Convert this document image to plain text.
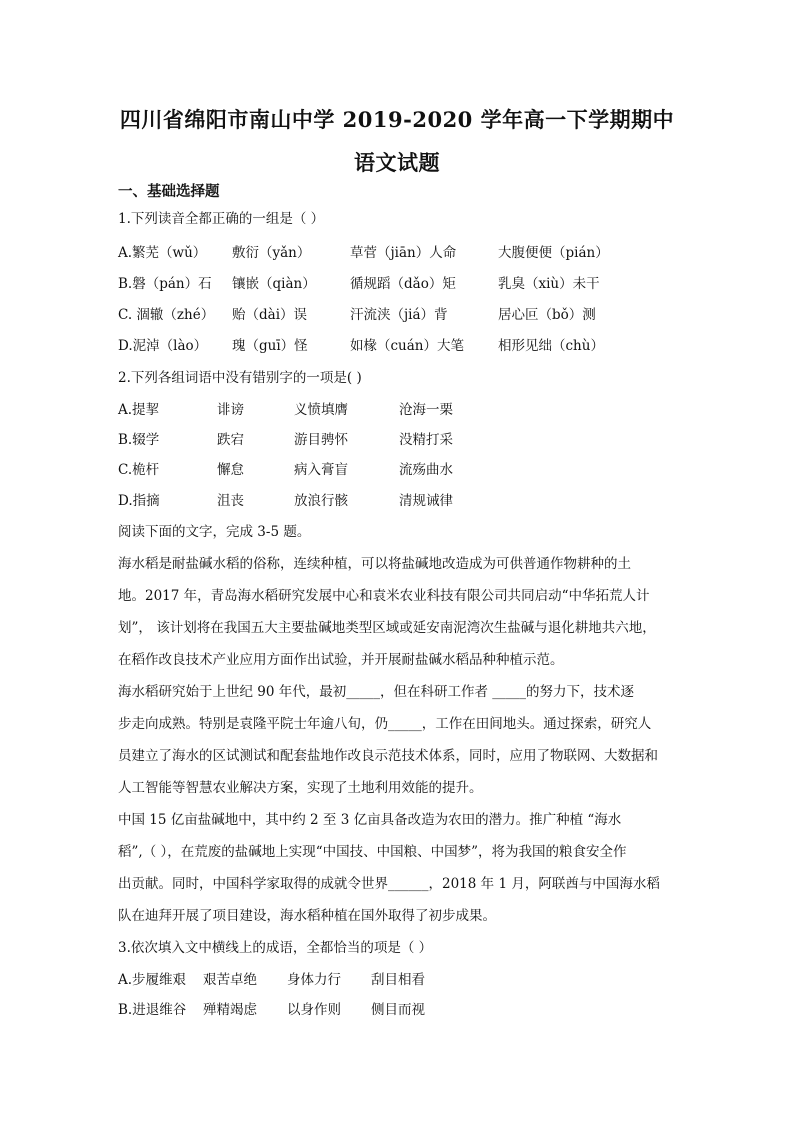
四川省绵阳市南山中学 2019-2020 学年高一下学期期中
语文试题
一、基础选择题
1.下列读音全都正确的一组是（ ）
A.繁芜（wǔ） 敷衍（yǎn）	草菅（jiān）人命	大腹便便（pián）
B.磐（pán）石 镶嵌（qiàn）	循规蹈（dǎo）矩	乳臭（xiù）未干
C. 涸辙（zhé） 贻（dài）误	汗流浃（jiá）背	居心叵（bǒ）测
D.泥淖（lào） 瑰（guī）怪	如椽（cuán）大笔	相形见绌（chù）
2.下列各组词语中没有错别字的一项是( )
A.提挈	诽谤	义愤填膺	沧海一栗
B.辍学	跌宕	游目骋怀	没精打采
C.桅杆	懈怠	病入膏盲	流殇曲水
D.指摘	沮丧	放浪行骸	清规诫律
阅读下面的文字，完成 3-5 题。
海水稻是耐盐碱水稻的俗称，连续种植，可以将盐碱地改造成为可供普通作物耕种的土
地。2017 年，青岛海水稻研究发展中心和袁米农业科技有限公司共同启动“中华拓荒人计
划”， 该计划将在我国五大主要盐碱地类型区域或延安南泥湾次生盐碱与退化耕地共六地，
在稻作改良技术产业应用方面作出试验，并开展耐盐碱水稻品种种植示范。
海水稻研究始于上世纪 90 年代，最初_____，但在科研工作者 _____的努力下，技术逐
步走向成熟。特别是袁隆平院士年逾八旬，仍_____，工作在田间地头。通过探索，研究人
员建立了海水的区试测试和配套盐地作改良示范技术体系，同时，应用了物联网、大数据和
人工智能等智慧农业解决方案，实现了土地利用效能的提升。
中国 15 亿亩盐碱地中，其中约 2 至 3 亿亩具备改造为农田的潜力。推广种植 “海水
稻”,（ ），在荒废的盐碱地上实现“中国技、中国粮、中国梦”，将为我国的粮食安全作
出贡献。同时，中国科学家取得的成就令世界______，2018 年 1 月，阿联酋与中国海水稻
队在迪拜开展了项目建设，海水稻种植在国外取得了初步成果。
3.依次填入文中横线上的成语，全都恰当的项是（ ）
A.步履维艰 艰苦卓绝 身体力行 刮目相看
B.进退维谷 殚精竭虑 以身作则 侧目而视
